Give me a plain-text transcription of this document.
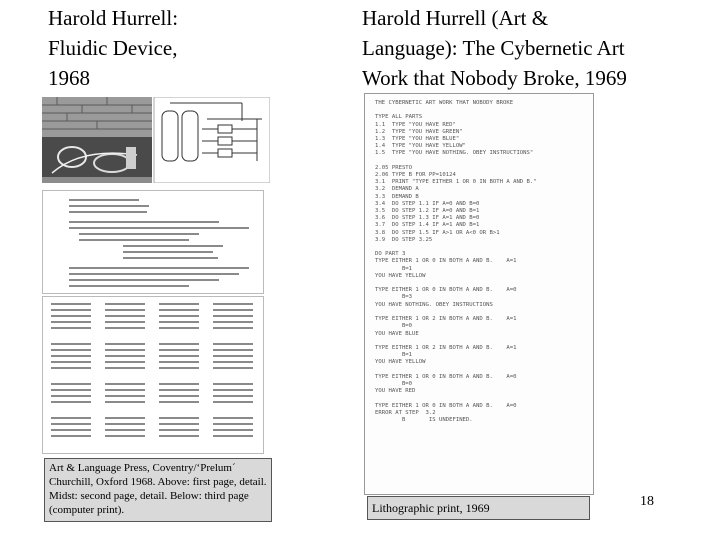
Harold Hurrell:
Fluidic Device,
1968
Harold Hurrell (Art &
Language): The Cybernetic Art
Work that Nobody Broke, 1969
THE CYBERNETIC ART WORK THAT NOBODY BROKE

TYPE ALL PARTS
1.1  TYPE "YOU HAVE RED"
1.2  TYPE "YOU HAVE GREEN"
1.3  TYPE "YOU HAVE BLUE"
1.4  TYPE "YOU HAVE YELLOW"
1.5  TYPE "YOU HAVE NOTHING. OBEY INSTRUCTIONS"

2.05 PRESTO
2.06 TYPE B FOR PP=10124
3.1  PRINT "TYPE EITHER 1 OR 0 IN BOTH A AND B."
3.2  DEMAND A
3.3  DEMAND B
3.4  DO STEP 1.1 IF A=0 AND B=0
3.5  DO STEP 1.2 IF A=0 AND B=1
3.6  DO STEP 1.3 IF A=1 AND B=0
3.7  DO STEP 1.4 IF A=1 AND B=1
3.8  DO STEP 1.5 IF A>1 OR A<0 OR B>1
3.9  DO STEP 3.25

DO PART 3
TYPE EITHER 1 OR 0 IN BOTH A AND B.    A=1
B=1
YOU HAVE YELLOW

TYPE EITHER 1 OR 0 IN BOTH A AND B.    A=0
B=3
YOU HAVE NOTHING. OBEY INSTRUCTIONS

TYPE EITHER 1 OR 2 IN BOTH A AND B.    A=1
B=0
YOU HAVE BLUE

TYPE EITHER 1 OR 2 IN BOTH A AND B.    A=1
B=1
YOU HAVE YELLOW

TYPE EITHER 1 OR 0 IN BOTH A AND B.    A=0
B=0
YOU HAVE RED

TYPE EITHER 1 OR 0 IN BOTH A AND B.    A=0
ERROR AT STEP  3.2
B       IS UNDEFINED.
Art & Language Press, Coventry/‘Prelum´ Churchill, Oxford 1968. Above: first page, detail. Midst: second page, detail. Below: third page (computer print).	Lithographic print, 1969	18
